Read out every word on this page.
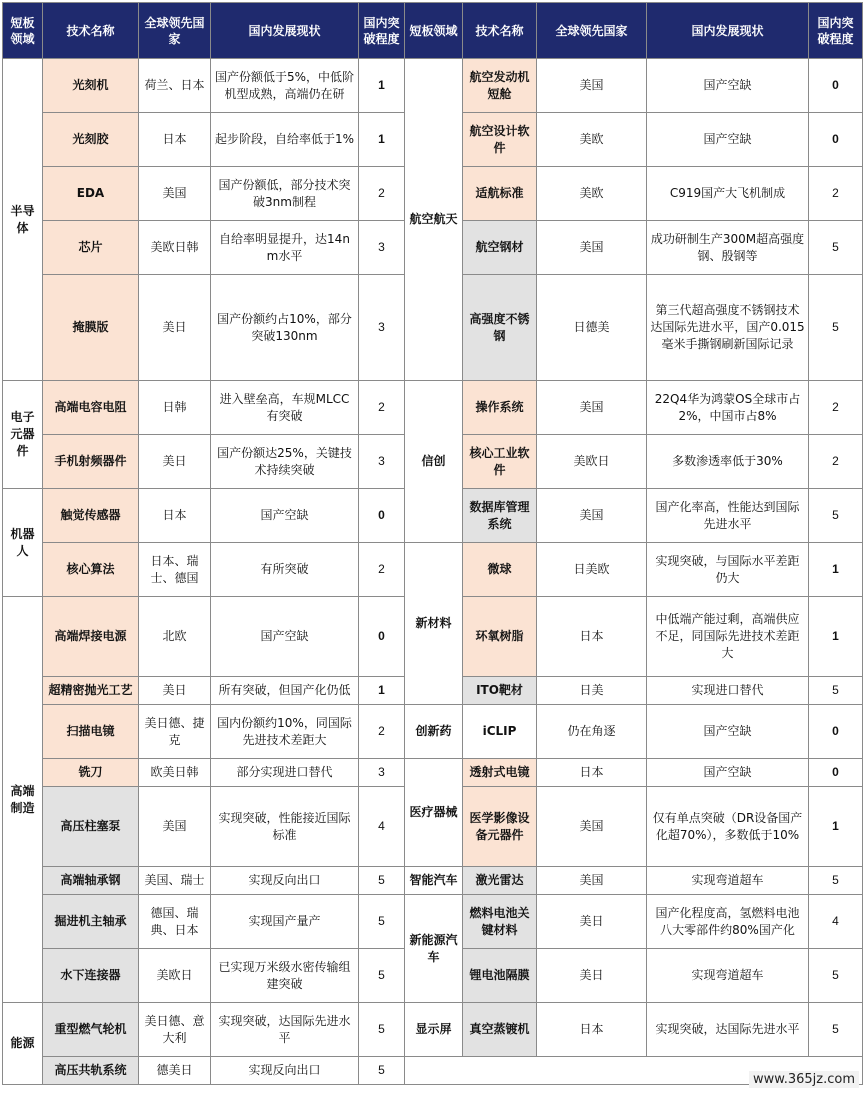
短板领域	技术名称	全球领先国家	国内发展现状	国内突破程度	短板领域	技术名称	全球领先国家	国内发展现状	国内突破程度
半导体	光刻机	荷兰、日本	国产份额低于5%，中低阶机型成熟，高端仍在研	1	航空航天	航空发动机短舱	美国	国产空缺	0
	光刻胶	日本	起步阶段，自给率低于1%	1		航空设计软件	美欧	国产空缺	0
	EDA	美国	国产份额低，部分技术突破3nm制程	2		适航标准	美欧	C919国产大飞机制成	2
	芯片	美欧日韩	自给率明显提升，达14nm水平	3		航空钢材	美国	成功研制生产300M超高强度钢、殷钢等	5
	掩膜版	美日	国产份额约占10%，部分突破130nm	3		高强度不锈钢	日德美	第三代超高强度不锈钢技术达国际先进水平，国产0.015毫米手撕钢刷新国际记录	5
电子元器件	高端电容电阻	日韩	进入壁垒高，车规MLCC有突破	2	信创	操作系统	美国	22Q4华为鸿蒙OS全球市占2%，中国市占8%	2
	手机射频器件	美日	国产份额达25%，关键技术持续突破	3		核心工业软件	美欧日	多数渗透率低于30%	2
机器人	触觉传感器	日本	国产空缺	0		数据库管理系统	美国	国产化率高，性能达到国际先进水平	5
	核心算法	日本、瑞士、德国	有所突破	2	新材料	微球	日美欧	实现突破，与国际水平差距仍大	1
高端制造	高端焊接电源	北欧	国产空缺	0		环氧树脂	日本	中低端产能过剩，高端供应不足，同国际先进技术差距大	1
	超精密抛光工艺	美日	所有突破，但国产化仍低	1		ITO靶材	日美	实现进口替代	5
	扫描电镜	美日德、捷克	国内份额约10%，同国际先进技术差距大	2	创新药	iCLIP	仍在角逐	国产空缺	0
	铣刀	欧美日韩	部分实现进口替代	3	医疗器械	透射式电镜	日本	国产空缺	0
	高压柱塞泵	美国	实现突破，性能接近国际标准	4		医学影像设备元器件	美国	仅有单点突破（DR设备国产化超70%），多数低于10%	1
	高端轴承钢	美国、瑞士	实现反向出口	5	智能汽车	激光雷达	美国	实现弯道超车	5
	掘进机主轴承	德国、瑞典、日本	实现国产量产	5	新能源汽车	燃料电池关键材料	美日	国产化程度高，氢燃料电池八大零部件约80%国产化	4
	水下连接器	美欧日	已实现万米级水密传输组建突破	5		锂电池隔膜	美日	实现弯道超车	5
能源	重型燃气轮机	美日德、意大利	实现突破，达国际先进水平	5	显示屏	真空蒸镀机	日本	实现突破，达国际先进水平	5
	高压共轨系统	德美日	实现反向出口	5					
www.365jz.com
